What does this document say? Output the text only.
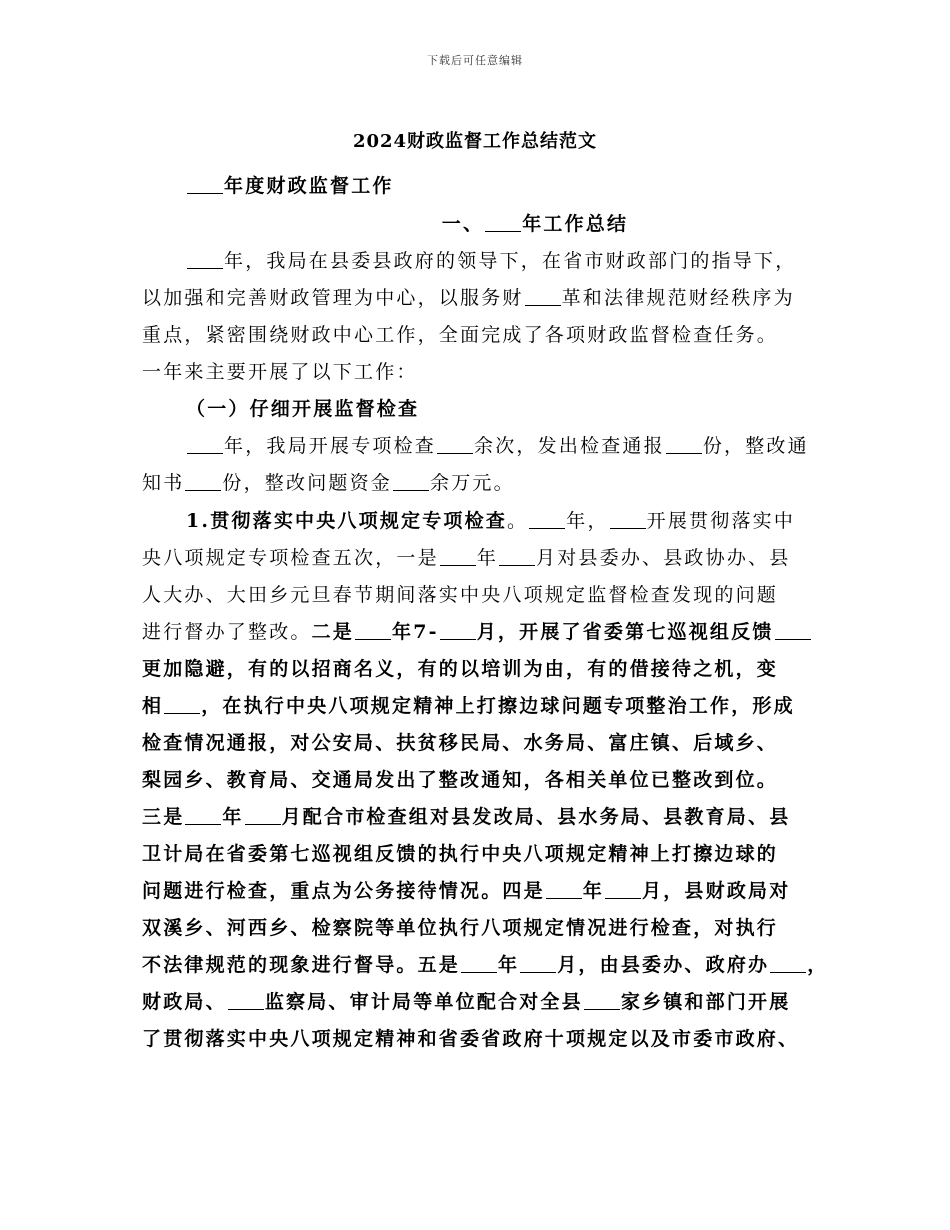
下载后可任意编辑
2024财政监督工作总结范文
年度财政监督工作
一、 年工作总结
年，我局在县委县政府的领导下，在省市财政部门的指导下，
以加强和完善财政管理为中心，以服务财 革和法律规范财经秩序为
重点，紧密围绕财政中心工作，全面完成了各项财政监督检查任务。
一年来主要开展了以下工作：
（一）仔细开展监督检查
年，我局开展专项检查 余次，发出检查通报 份，整改通
知书 份，整改问题资金 余万元。
1.贯彻落实中央八项规定专项检查。 年， 开展贯彻落实中
央八项规定专项检查五次，一是 年 月对县委办、县政协办、县
人大办、大田乡元旦春节期间落实中央八项规定监督检查发现的问题
进行督办了整改。二是 年7- 月，开展了省委第七巡视组反馈
更加隐避，有的以招商名义，有的以培训为由，有的借接待之机，变
相 ，在执行中央八项规定精神上打擦边球问题专项整治工作，形成
检查情况通报，对公安局、扶贫移民局、水务局、富庄镇、后域乡、
梨园乡、教育局、交通局发出了整改通知，各相关单位已整改到位。
三是 年 月配合市检查组对县发改局、县水务局、县教育局、县
卫计局在省委第七巡视组反馈的执行中央八项规定精神上打擦边球的
问题进行检查，重点为公务接待情况。四是 年 月，县财政局对
双溪乡、河西乡、检察院等单位执行八项规定情况进行检查，对执行
不法律规范的现象进行督导。五是 年 月，由县委办、政府办 ，
财政局、 监察局、审计局等单位配合对全县 家乡镇和部门开展
了贯彻落实中央八项规定精神和省委省政府十项规定以及市委市政府、
